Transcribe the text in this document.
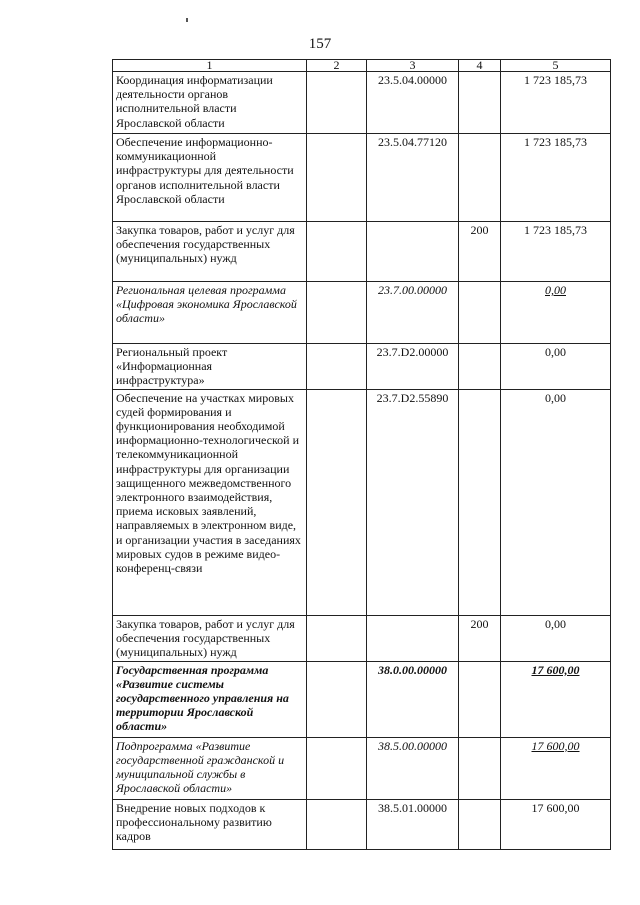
157
1	2	3	4	5
Координация информатизации деятельности органов исполнительной власти Ярославской области		23.5.04.00000		1 723 185,73
Обеспечение информационно-коммуникационной инфраструктуры для деятельности органов исполнительной власти Ярославской области		23.5.04.77120		1 723 185,73
Закупка товаров, работ и услуг для обеспечения государственных (муниципальных) нужд			200	1 723 185,73
Региональная целевая программа «Цифровая экономика Ярославской области»		23.7.00.00000		0,00
Региональный проект «Информационная инфраструктура»		23.7.D2.00000		0,00
Обеспечение на участках мировых судей формирования и функционирования необходимой информационно-технологической и телекоммуникационной инфраструктуры для организации защищенного межведомственного электронного взаимодействия, приема исковых заявлений, направляемых в электронном виде, и организации участия в заседаниях мировых судов в режиме видео-конференц-связи		23.7.D2.55890		0,00
Закупка товаров, работ и услуг для обеспечения государственных (муниципальных) нужд			200	0,00
Государственная программа «Развитие системы государственного управления на территории Ярославской области»		38.0.00.00000		17 600,00
Подпрограмма «Развитие государственной гражданской и муниципальной службы в Ярославской области»		38.5.00.00000		17 600,00
Внедрение новых подходов к профессиональному развитию кадров		38.5.01.00000		17 600,00
